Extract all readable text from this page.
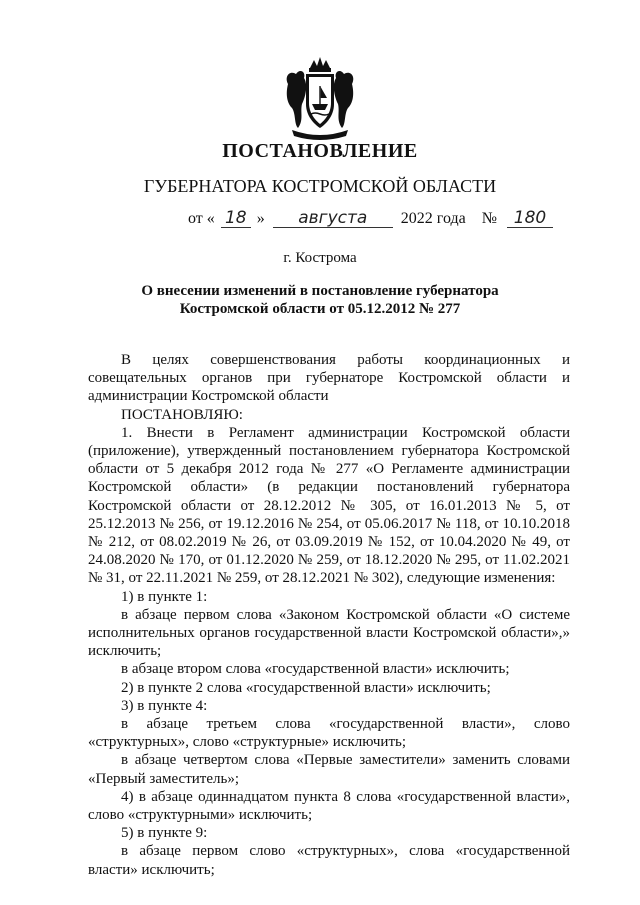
ПОСТАНОВЛЕНИЕ
ГУБЕРНАТОРА КОСТРОМСКОЙ ОБЛАСТИ
от « 18 » августа 2022 года № 180
г. Кострома
О внесении изменений в постановление губернатора
Костромской области от 05.12.2012 № 277

В целях совершенствования работы координационных и совещательных органов при губернаторе Костромской области и администрации Костромской области

ПОСТАНОВЛЯЮ:

1. Внести в Регламент администрации Костромской области (приложение), утвержденный постановлением губернатора Костромской области от 5 декабря 2012 года № 277 «О Регламенте администрации Костромской области» (в редакции постановлений губернатора Костромской области от 28.12.2012 № 305, от 16.01.2013 № 5, от 25.12.2013 № 256, от 19.12.2016 № 254, от 05.06.2017 № 118, от 10.10.2018 № 212, от 08.02.2019 № 26, от 03.09.2019 № 152, от 10.04.2020 № 49, от 24.08.2020 № 170, от 01.12.2020 № 259, от 18.12.2020 № 295, от 11.02.2021 № 31, от 22.11.2021 № 259, от 28.12.2021 № 302), следующие изменения:

1) в пункте 1:

в абзаце первом слова «Законом Костромской области «О системе исполнительных органов государственной власти Костромской области»,» исключить;

в абзаце втором слова «государственной власти» исключить;

2) в пункте 2 слова «государственной власти» исключить;

3) в пункте 4:

в абзаце третьем слова «государственной власти», слово «структурных», слово «структурные» исключить;

в абзаце четвертом слова «Первые заместители» заменить словами «Первый заместитель»;

4) в абзаце одиннадцатом пункта 8 слова «государственной власти», слово «структурными» исключить;

5) в пункте 9:

в абзаце первом слово «структурных», слова «государственной власти» исключить;
